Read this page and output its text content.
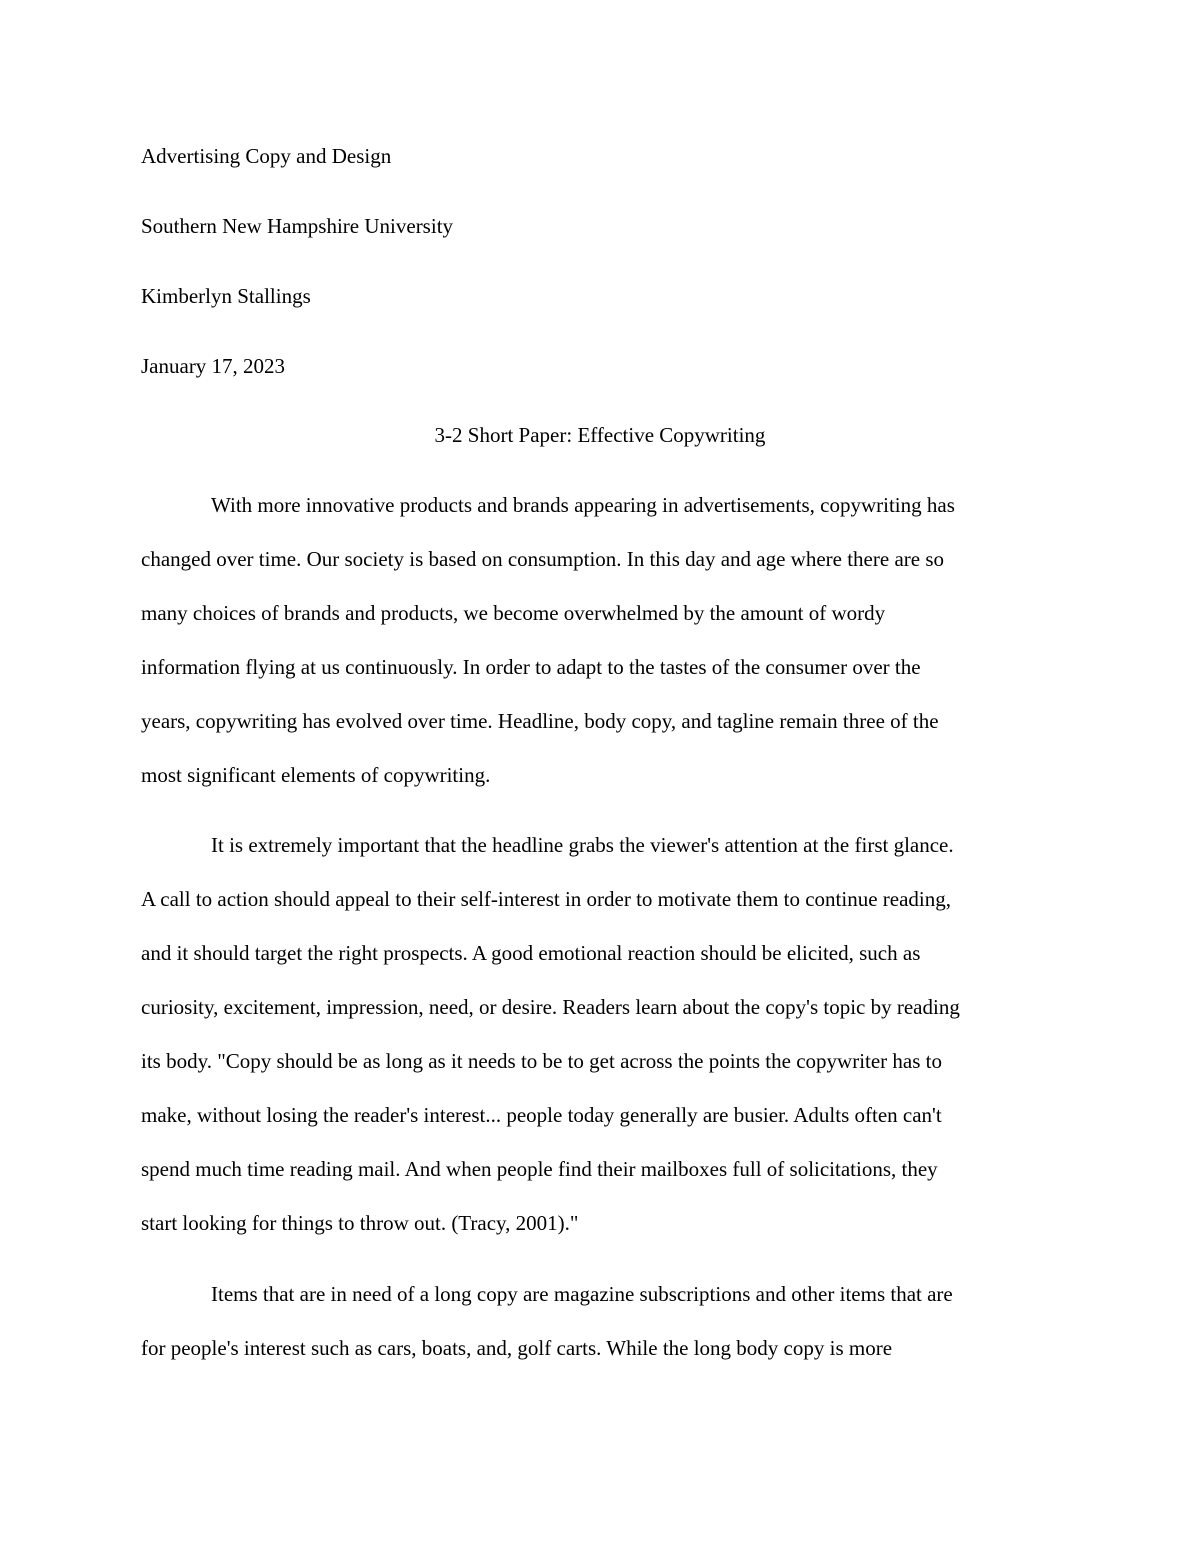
Advertising Copy and Design

Southern New Hampshire University

Kimberlyn Stallings

January 17, 2023

3-2 Short Paper: Effective Copywriting

With more innovative products and brands appearing in advertisements, copywriting has

changed over time. Our society is based on consumption. In this day and age where there are so

many choices of brands and products, we become overwhelmed by the amount of wordy

information flying at us continuously. In order to adapt to the tastes of the consumer over the

years, copywriting has evolved over time. Headline, body copy, and tagline remain three of the

most significant elements of copywriting.

It is extremely important that the headline grabs the viewer's attention at the first glance.

A call to action should appeal to their self-interest in order to motivate them to continue reading,

and it should target the right prospects. A good emotional reaction should be elicited, such as

curiosity, excitement, impression, need, or desire. Readers learn about the copy's topic by reading

its body. "Copy should be as long as it needs to be to get across the points the copywriter has to

make, without losing the reader's interest... people today generally are busier. Adults often can't

spend much time reading mail. And when people find their mailboxes full of solicitations, they

start looking for things to throw out. (Tracy, 2001)."

Items that are in need of a long copy are magazine subscriptions and other items that are

for people's interest such as cars, boats, and, golf carts. While the long body copy is more
